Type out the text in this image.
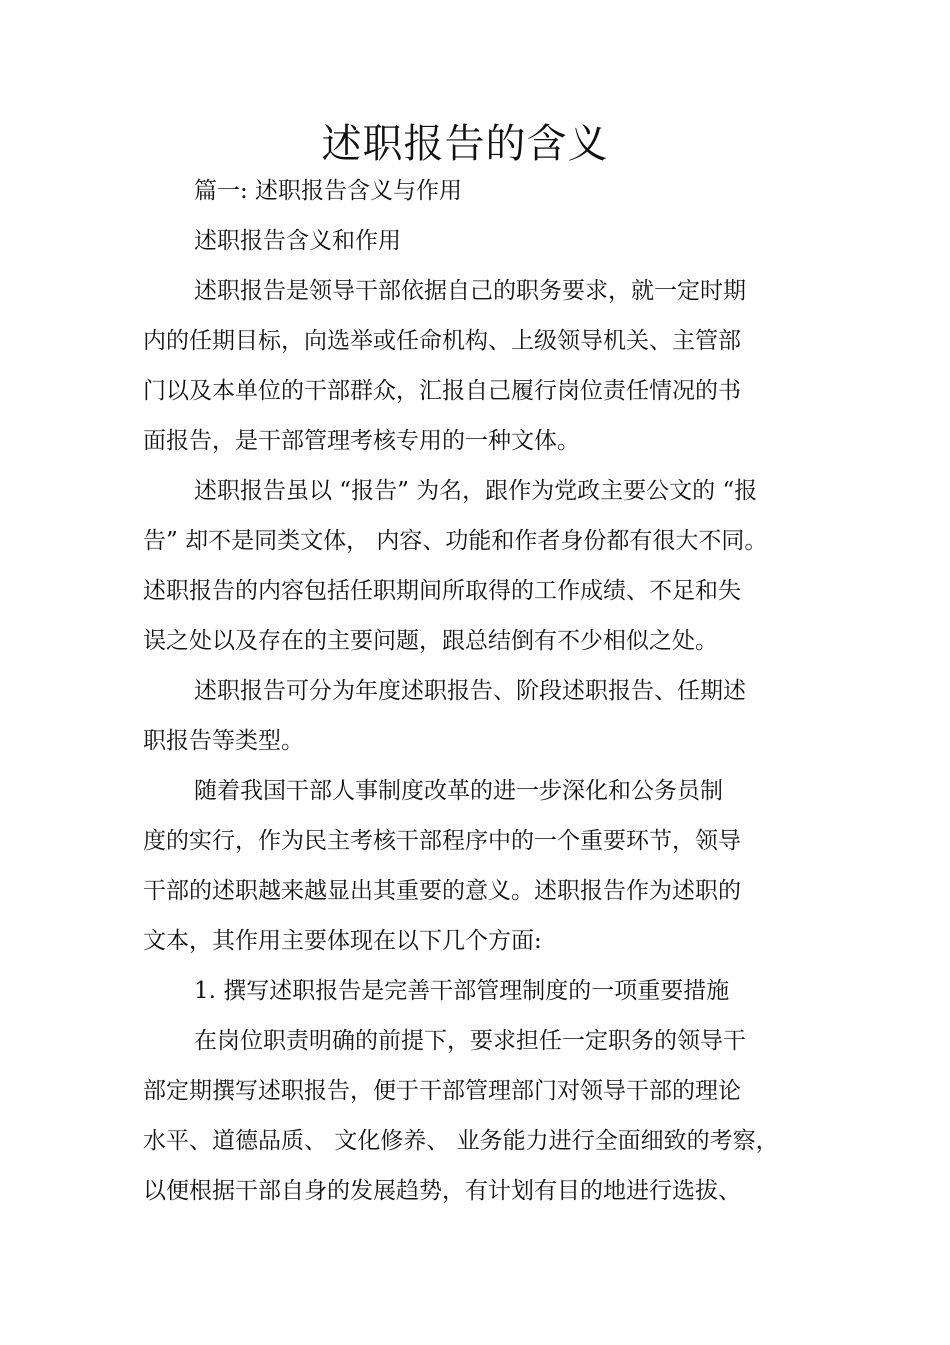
述职报告的含义
篇一: 述职报告含义与作用
述职报告含义和作用
述职报告是领导干部依据自己的职务要求，就一定时期
内的任期目标，向选举或任命机构、上级领导机关、主管部
门以及本单位的干部群众，汇报自己履行岗位责任情况的书
面报告，是干部管理考核专用的一种文体。
述职报告虽以 “报告” 为名，跟作为党政主要公文的 “报
告” 却不是同类文体， 内容、功能和作者身份都有很大不同。
述职报告的内容包括任职期间所取得的工作成绩、不足和失
误之处以及存在的主要问题，跟总结倒有不少相似之处。
述职报告可分为年度述职报告、阶段述职报告、任期述
职报告等类型。
随着我国干部人事制度改革的进一步深化和公务员制
度的实行，作为民主考核干部程序中的一个重要环节，领导
干部的述职越来越显出其重要的意义。述职报告作为述职的
文本，其作用主要体现在以下几个方面:
1. 撰写述职报告是完善干部管理制度的一项重要措施
在岗位职责明确的前提下，要求担任一定职务的领导干
部定期撰写述职报告，便于干部管理部门对领导干部的理论
水平、道德品质、 文化修养、 业务能力进行全面细致的考察，
以便根据干部自身的发展趋势，有计划有目的地进行选拔、
